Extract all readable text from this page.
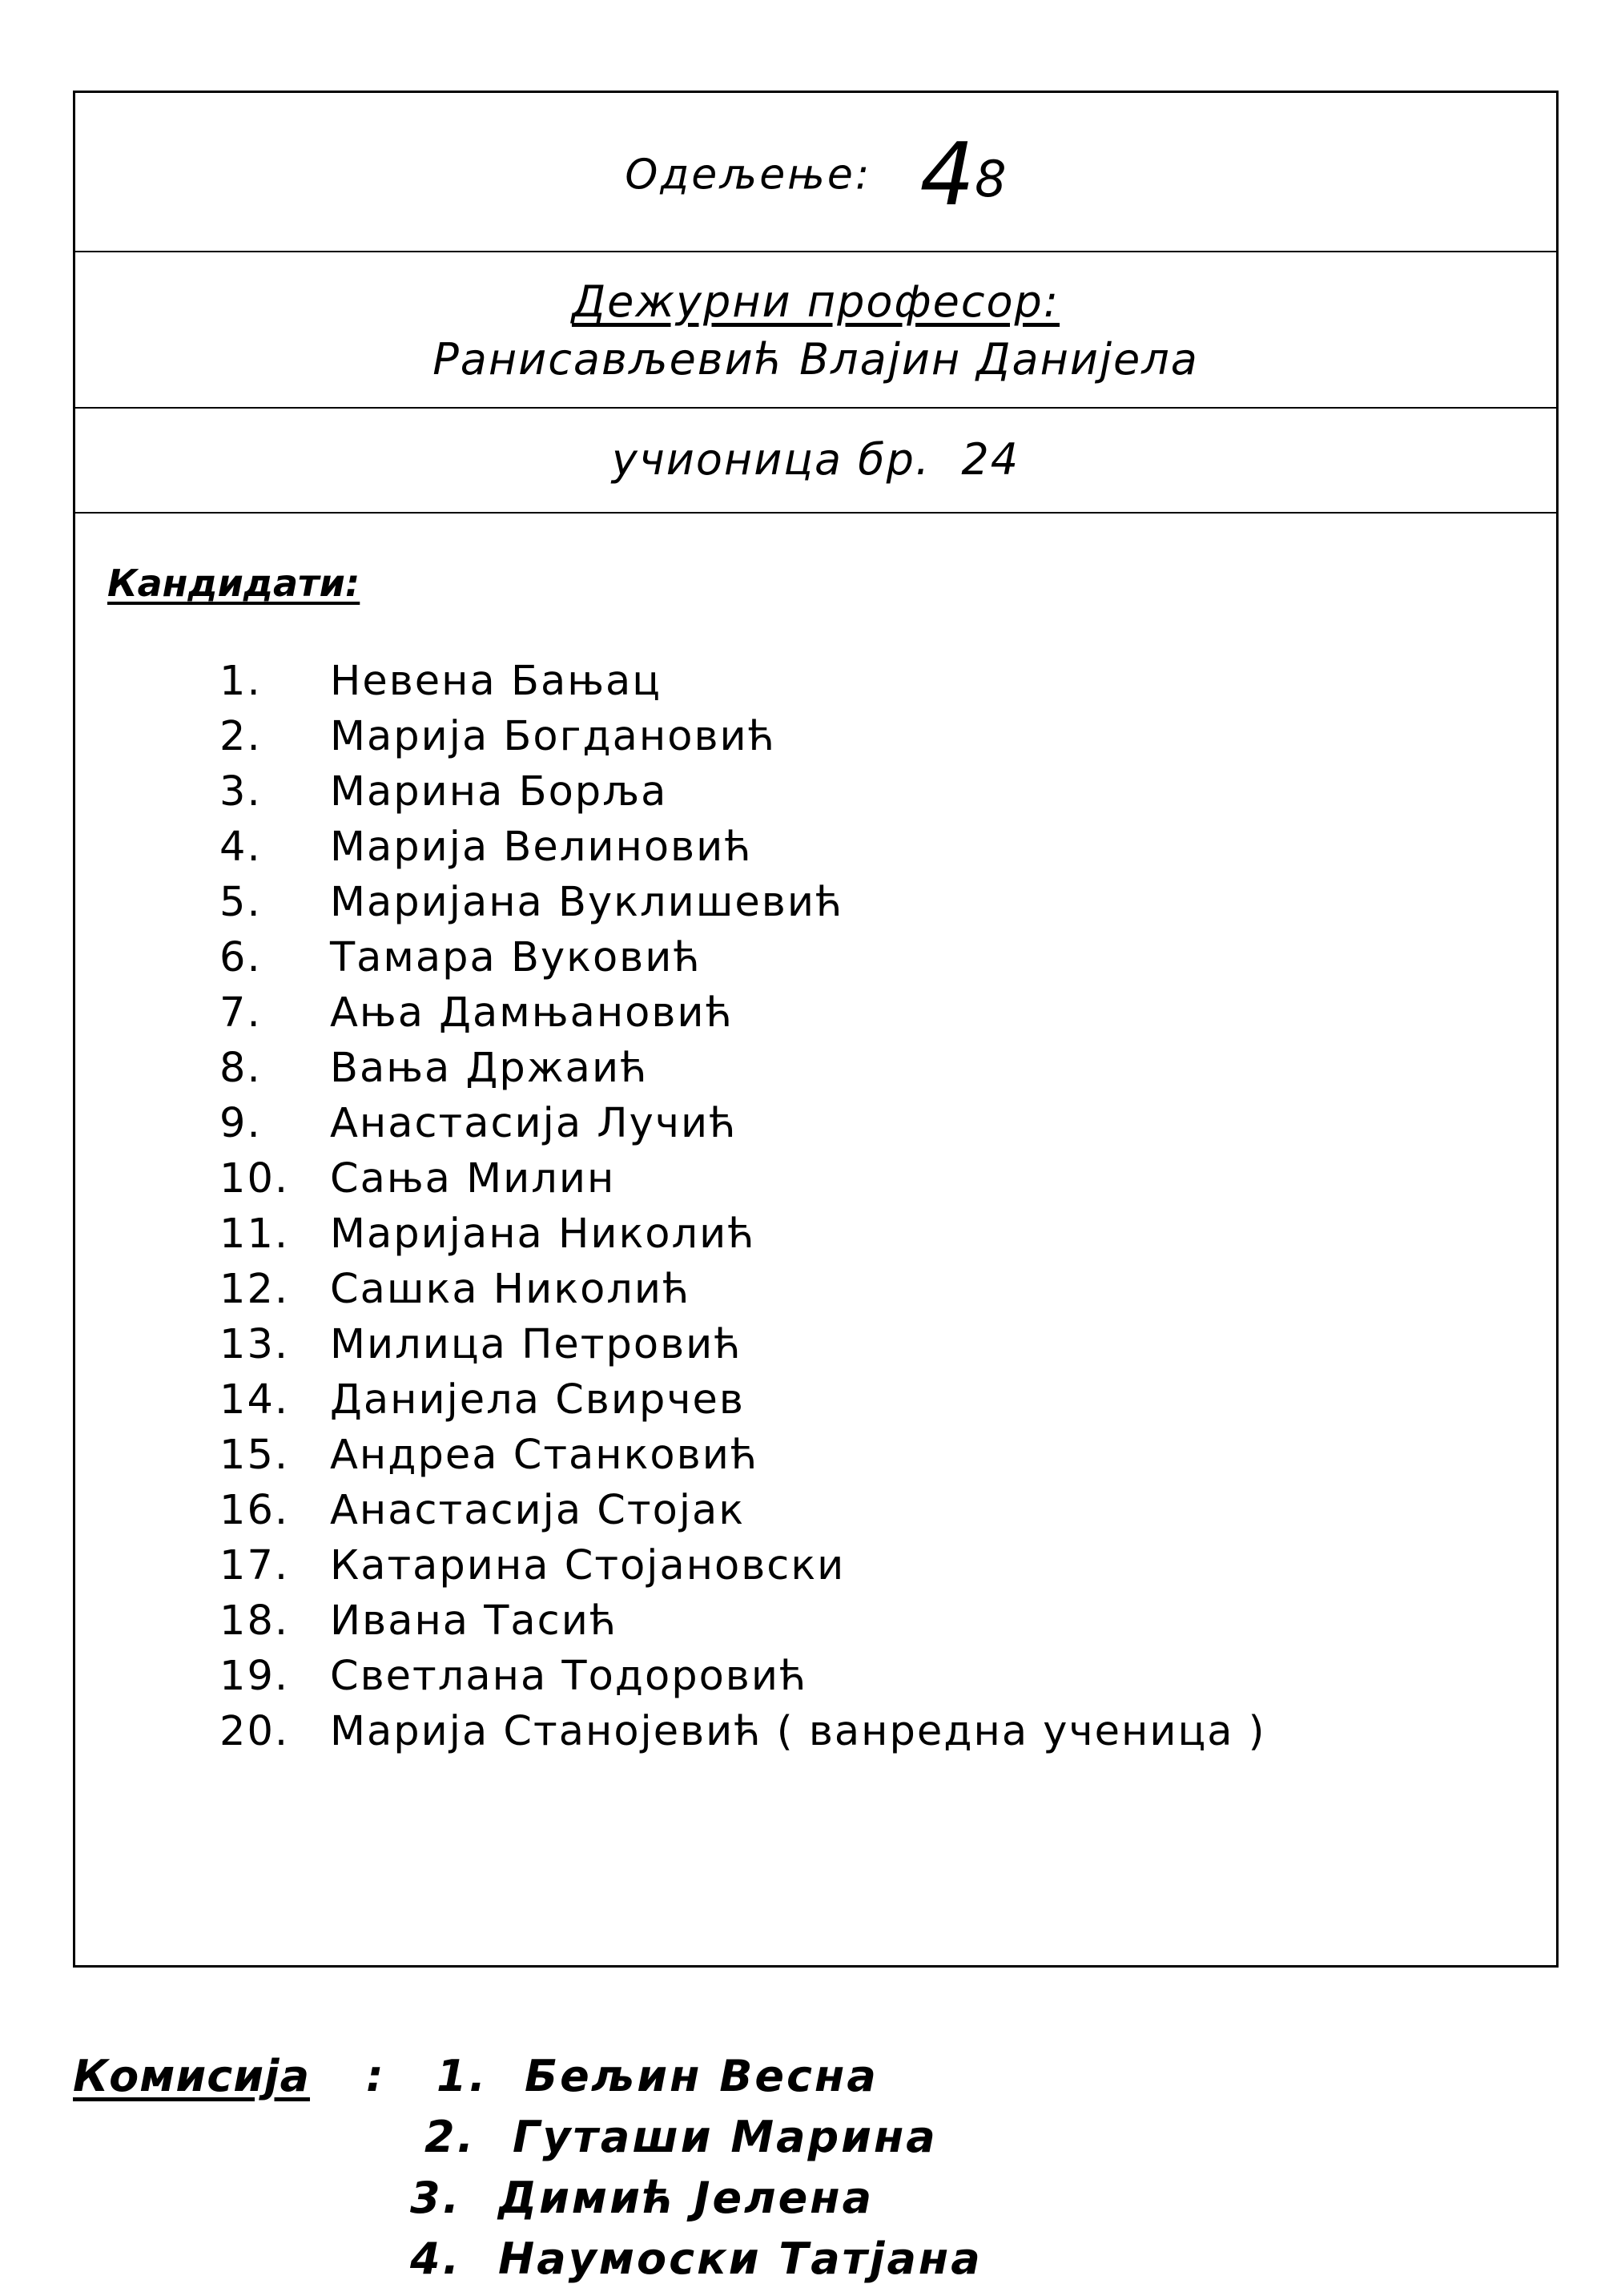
Одељење: 48
Дежурни професор:
Ранисављевић Влајин Данијела
учионица бр.  24
Кандидати:
1. Невена Бањац
2. Марија Богдановић
3. Марина Борља
4. Марија Велиновић
5. Маријана Вуклишевић
6. Тамара Вуковић
7. Ања Дамњановић
8. Вања Држаић
9. Анастасија Лучић
10. Сања Милин
11. Маријана Николић
12. Сашка Николић
13. Милица Петровић
14. Данијела Свирчев
15. Андреа Станковић
16. Анастасија Стојак
17. Катарина Стојановски
18. Ивана Тасић
19. Светлана Тодоровић
20. Марија Станојевић ( ванредна ученица )
Комисија : 1. Бељин Весна
2. Гуташи Марина
3. Димић Јелена
4. Наумоски Татјана
